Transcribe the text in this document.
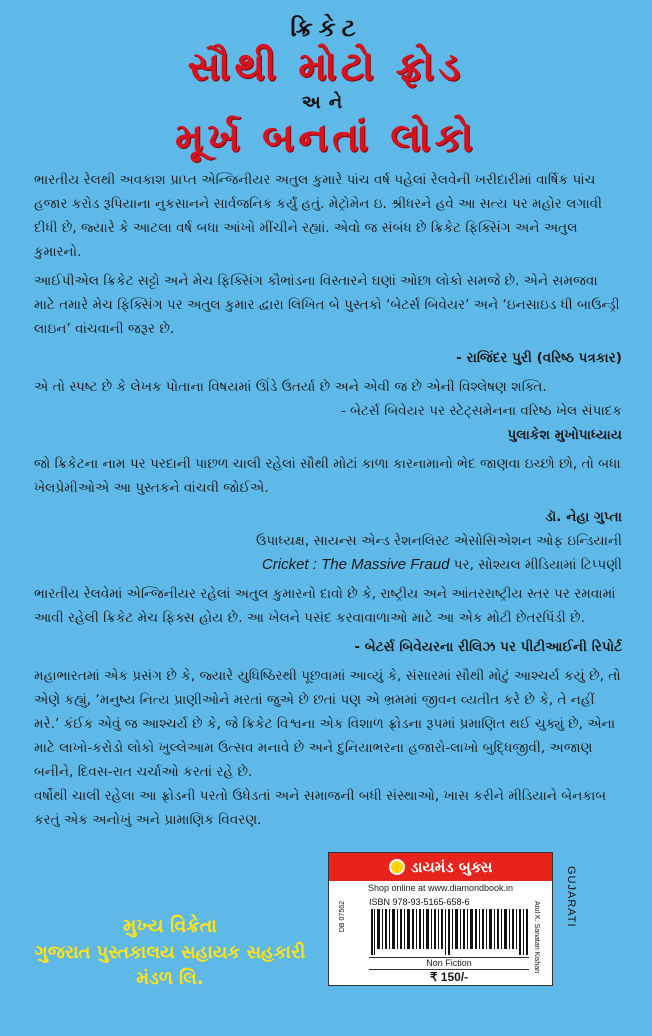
ક્રિકેટ
સૌથી મોટો ફ્રોડ
અને
મૂર્ખ બનતાં લોકો

ભારતીય રેલથી અવકાશ પ્રાપ્ત એન્જિનીયર અતુલ કુમારે પાંચ વર્ષ પહેલાં રેલવેની ખરીદારીમાં વાર્ષિક પાંચ હજાર કરોડ રૂપિયાના નુકસાનને સાર્વજનિક કર્યું હતું. મેટ્રોમેન ઇ. શ્રીધરને હવે આ સત્ય પર મહોર લગાવી દીધી છે, જ્યારે કે આટલા વર્ષ બધા આંખો મીંચીને રહ્યાં. એવો જ સંબંધ છે ક્રિકેટ ફિક્સિંગ અને અતુલ કુમારનો.

આઈપીએલ ક્રિકેટ સટ્ટો અને મેચ ફિક્સિંગ કૌભાંડના વિસ્તારને ઘણાં ઓછા લોકો સમજે છે. એને સમજવા માટે તમારે મેચ ફિક્સિંગ પર અતુલ કુમાર દ્વારા લિખિત બે પુસ્તકો ‘બેટર્સ બિવેયર’ અને ‘ઇનસાઇડ ધી બાઉન્ડ્રી લાઇન’ વાંચવાની જરૂર છે.

- રાજિંદર પુરી (વરિષ્ઠ પત્રકાર)

એ તો સ્પષ્ટ છે કે લેખક પોતાના વિષયમાં ઊંડે ઉતર્યા છે અને એવી જ છે એની વિશ્લેષણ શક્તિ.

- બેટર્સ બિવેયર પર સ્ટેટ્સમેનના વરિષ્ઠ ખેલ સંપાદક

પુલાકેશ મુખોપાધ્યાય

જો ક્રિકેટના નામ પર પરદાની પાછળ ચાલી રહેલાં સૌથી મોટાં કાળા કારનામાનો ભેદ જાણવા ઇચ્છો છો, તો બધા ખેલપ્રેમીઓએ આ પુસ્તકને વાંચવી જોઈએ.

ડૉ. નેહા ગુપ્તા

ઉપાધ્યક્ષ, સાયન્સ એન્ડ રેશનલિસ્ટ એસોસિએશન ઓફ ઇન્ડિયાની

Cricket : The Massive Fraud પર, સોશ્યલ મીડિયામાં ટિપ્પણી

ભારતીય રેલવેમાં એન્જિનીયર રહેલાં અતુલ કુમારનો દાવો છે કે, રાષ્ટ્રીય અને આંતરરાષ્ટ્રીય સ્તર પર રમવામાં આવી રહેલી ક્રિકેટ મેચ ફિક્સ હોય છે. આ ખેલને પસંદ કરવાવાળાઓ માટે આ એક મોટી છેતરપિંડી છે.

- બેટર્સ બિવેયરના રીલિઝ પર પીટીઆઈની રિપોર્ટ

મહાભારતમાં એક પ્રસંગ છે કે, જ્યારે યુધિષ્ઠિરથી પૂછવામાં આવ્યું કે, સંસારમાં સૌથી મોટું આશ્ચર્ય કયું છે, તો એણે કહ્યું, ‘મનુષ્ય નિત્ય પ્રાણીઓને મરતાં જુએ છે છતાં પણ એ ભ્રમમાં જીવન વ્યતીત કરે છે કે, તે નહીં મરે.’ કંઈક એવું જ આશ્ચર્ય છે કે, જે ક્રિકેટ વિશ્વના એક વિશાળ ફ્રોડના રૂપમાં પ્રમાણિત થઈ ચુક્યું છે, એના માટે લાખો-કરોડો લોકો ખુલ્લેઆમ ઉત્સવ મનાવે છે અને દુનિયાભરના હજારો-લાખો બુદ્ધિજીવી, અજાણ બનીને, દિવસ-રાત ચર્ચાઓ કરતાં રહે છે.

વર્ષોથી ચાલી રહેલા આ ફ્રોડની પરતો ઉધેડતાં અને સમાજની બધી સંસ્થાઓ, ખાસ કરીને મીડિયાને બેનકાબ કરતું એક અનોખું અને પ્રામાણિક વિવરણ.

મુખ્ય વિક્રેતા
ગુજરાત પુસ્તકાલય સહાયક સહકારી મંડળ લિ.
ડાયમંડ બુક્સ
Shop online at www.diamondbook.in
DB 07562	ISBN 978-93-5165-658-6	Atul K. Sanatan Kishan
Non Fiction
₹ 150/-
GUJARATI
